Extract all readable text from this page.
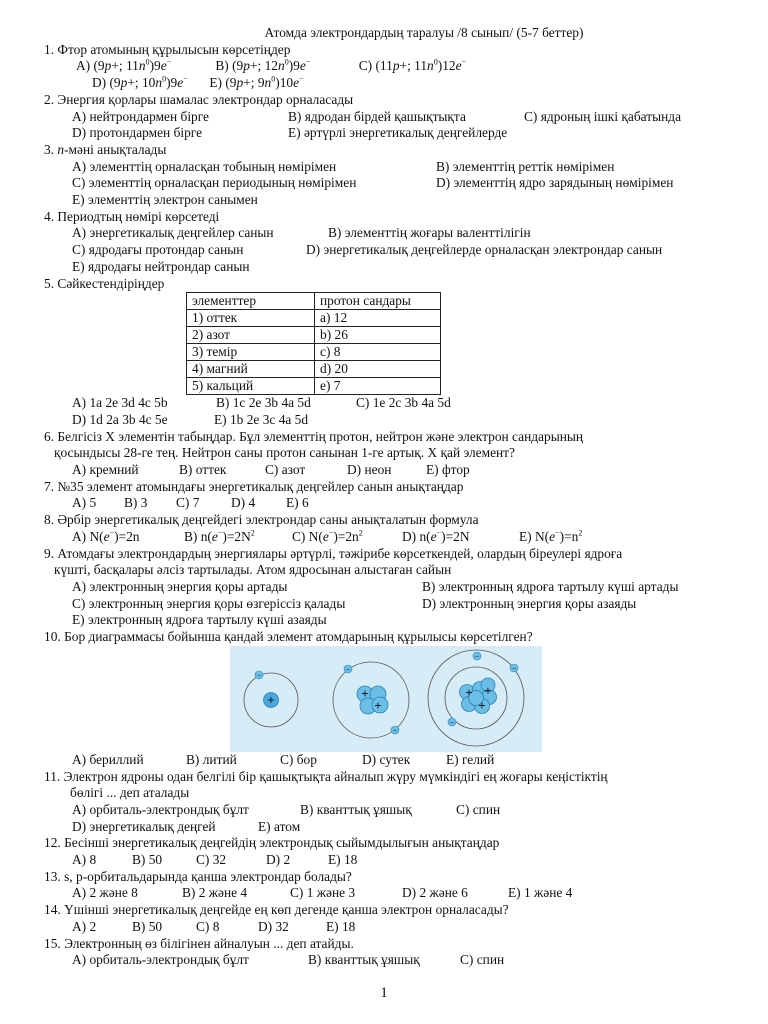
Атомда электрондардың таралуы /8 сынып/ (5-7 беттер)
1. Фтор атомының құрылысын көрсетіңдер
A) (9p+; $11n^0)9e^-$	B) (9p+; $12n^0)9e^-$	C) (11p+; $11n^0)12e^-$
D) (9p+; $10n^0)9e^-$ E) (9p+; $9n^0)10e^-$
2. Энергия қорлары шамалас электрондар орналасады
A) нейтрондармен бірге	B) ядродан бірдей қашықтықта	C) ядроның ішкі қабатында
D) протондармен бірге	E) әртүрлі энергетикалық деңгейлерде
3. n-мәні анықталады
A) элементтің орналасқан тобының нөмірімен	B) элементтің реттік нөмірімен
C) элементтің орналасқан периодының нөмірімен	D) элементтің ядро зарядының нөмірімен
E) элементтің электрон санымен
4. Периодтың нөмірі көрсетеді
A) энергетикалық деңгейлер санын	B) элементтің жоғары валенттілігін
C) ядродағы протондар санын	D) энергетикалық деңгейлерде орналасқан электрондар санын
E) ядродағы нейтрондар санын
5. Сәйкестендіріңдер
элементтер	протон сандары
1) оттек	a) 12
2) азот	b) 26
3) темір	c) 8
4) магний	d) 20
5) кальций	e) 7
A) 1a 2e 3d 4c 5b	B) 1c 2e 3b 4a 5d	C) 1e 2c 3b 4a 5d
D) 1d 2a 3b 4c 5e	E) 1b 2e 3c 4a 5d
6. Белгісіз Х элементін табыңдар. Бұл элементтің протон, нейтрон және электрон сандарының
қосындысы 28-ге тең. Нейтрон саны протон санынан 1-ге артық. Х қай элемент?
A) кремний	B) оттек	C) азот	D) неон	E) фтор
7. №35 элемент атомындағы энергетикалық деңгейлер санын анықтаңдар
A) 5	B) 3	C) 7	D) 4	E) 6
8. Әрбір энергетикалық деңгейдегі электрондар саны анықталатын формула
A) N(e−)=2n	B) $n(e^-)=2N^2$	C) $N(e^-)=2n^2$	D) n(e−)=2N	E) $N(e^-)=n^2$
9. Атомдағы электрондардың энергиялары әртүрлі, тәжірибе көрсеткендей, олардың біреулері ядроға
күшті, басқалары әлсіз тартылады. Атом ядросынан алыстаған сайын
A) электронның энергия қоры артады	B) электронның ядроға тартылу күші артады
C) электронның энергия қоры өзгеріссіз қалады	D) электронның энергия қоры азаяды
E) электронның ядроға тартылу күші азаяды
10. Бор диаграммасы бойынша қандай элемент атомдарының құрылысы көрсетілген?
+
−
+
+
−
−
+ +
+
−
−
−
A) бериллий	B) литий	C) бор	D) сутек	E) гелий
11. Электрон ядроны одан белгілі бір қашықтықта айналып жүру мүмкіндігі ең жоғары кеңістіктің
бөлігі ... деп аталады
A) орбиталь-электрондық бұлт	B) кванттық ұяшық	C) спин
D) энергетикалық деңгей	E) атом
12. Бесінші энергетикалық деңгейдің электрондық сыйымдылығын анықтаңдар
A) 8	B) 50	C) 32	D) 2	E) 18
13. s, p-орбитальдарында қанша электрондар болады?
A) 2 және 8	B) 2 және 4	C) 1 және 3	D) 2 және 6	E) 1 және 4
14. Үшінші энергетикалық деңгейде ең көп дегенде қанша электрон орналасады?
A) 2	B) 50	C) 8	D) 32	E) 18
15. Электронның өз білігінен айналуын ... деп атайды.
A) орбиталь-электрондық бұлт	B) кванттық ұяшық	C) спин
1
